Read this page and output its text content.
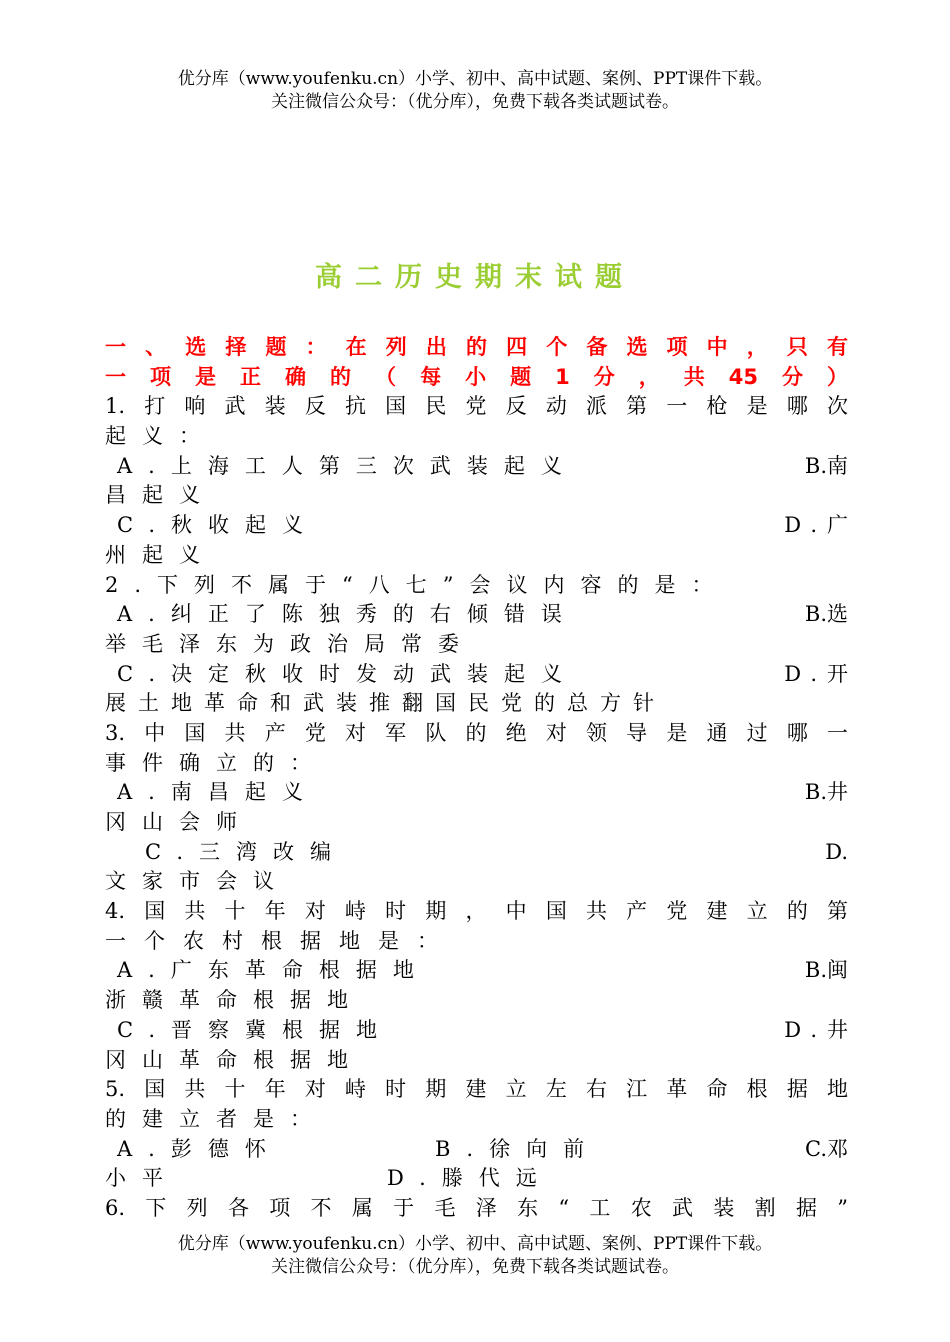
优分库（www.youfenku.cn）小学、初中、高中试题、案例、PPT课件下载。
关注微信公众号：（优分库），免费下载各类试题试卷。
高二历史期末试题
一、选择题：在列出的四个备选项中，只有
一项是正确的（每小题1分，共45分）
1.打响武装反抗国民党反动派第一枪是哪次
起义：
A.上海工人第三次武装起义	B.南
昌起义
C.秋收起义	D.广
州起义
2.下列不属于“八七”会议内容的是：
A.纠正了陈独秀的右倾错误	B.选
举毛泽东为政治局常委
C.决定秋收时发动武装起义	D.开
展土地革命和武装推翻国民党的总方针
3.中国共产党对军队的绝对领导是通过哪一
事件确立的：
A.南昌起义	B.井
冈山会师
C.三湾改编	D.
文家市会议
4.国共十年对峙时期，中国共产党建立的第
一个农村根据地是：
A.广东革命根据地	B.闽
浙赣革命根据地
C.晋察冀根据地	D.井
冈山革命根据地
5.国共十年对峙时期建立左右江革命根据地
的建立者是：
A.彭德怀	B.徐向前	C.邓
小平	D.滕代远
6.下列各项不属于毛泽东“工农武装割据”
优分库（www.youfenku.cn）小学、初中、高中试题、案例、PPT课件下载。
关注微信公众号：（优分库），免费下载各类试题试卷。
